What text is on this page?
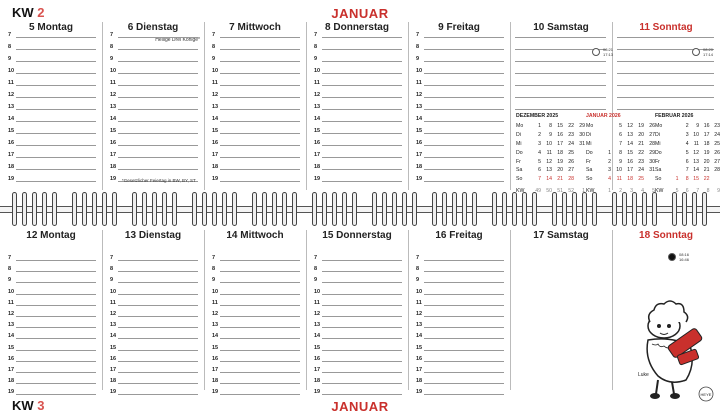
KW 2	JANUAR
5 Montag
7
8
9
10
11
12
13
14
15
16
17
18
19
6 Dienstag
Heilige Drei Könige*
7
8
9
10
11
12
13
14
15
16
17
18
19
7 Mittwoch
7
8
9
10
11
12
13
14
15
16
17
18
19
8 Donnerstag
7
8
9
10
11
12
13
14
15
16
17
18
19
9 Freitag
7
8
9
10
11
12
13
14
15
16
17
18
19
10 Samstag	11 Sonntag
08:21
17:13
08:20
17:14
*Gesetzlicher Feiertag in BW, BY, ST
12 Montag
7
8
9
10
11
12
13
14
15
16
17
18
19
13 Dienstag
7
8
9
10
11
12
13
14
15
16
17
18
19
14 Mittwoch
7
8
9
10
11
12
13
14
15
16
17
18
19
15 Donnerstag
7
8
9
10
11
12
13
14
15
16
17
18
19
16 Freitag
7
8
9
10
11
12
13
14
15
16
17
18
19
17 Samstag	18 Sonntag
08:16
16:46
KW 3	JANUAR
Luke
HEYE
DEZEMBER 2025
Mo	1	8	15	22	29
Di	2	9	16	23	30
Mi	3	10	17	24	31
Do	4	11	18	25	
Fr	5	12	19	26	
Sa	6	13	20	27	
So	7	14	21	28	
KW	49	50	51	52	1
JANUAR 2026
Mo		5	12	19	26
Di		6	13	20	27
Mi		7	14	21	28
Do	1	8	15	22	29
Fr	2	9	16	23	30
Sa	3	10	17	24	31
So	4	11	18	25	
KW	1	2	3	4	5
FEBRUAR 2026
Mo		2	9	16	23
Di		3	10	17	24
Mi		4	11	18	25
Do		5	12	19	26
Fr		6	13	20	27
Sa		7	14	21	28
So	1	8	15	22	
KW	5	6	7	8	9
